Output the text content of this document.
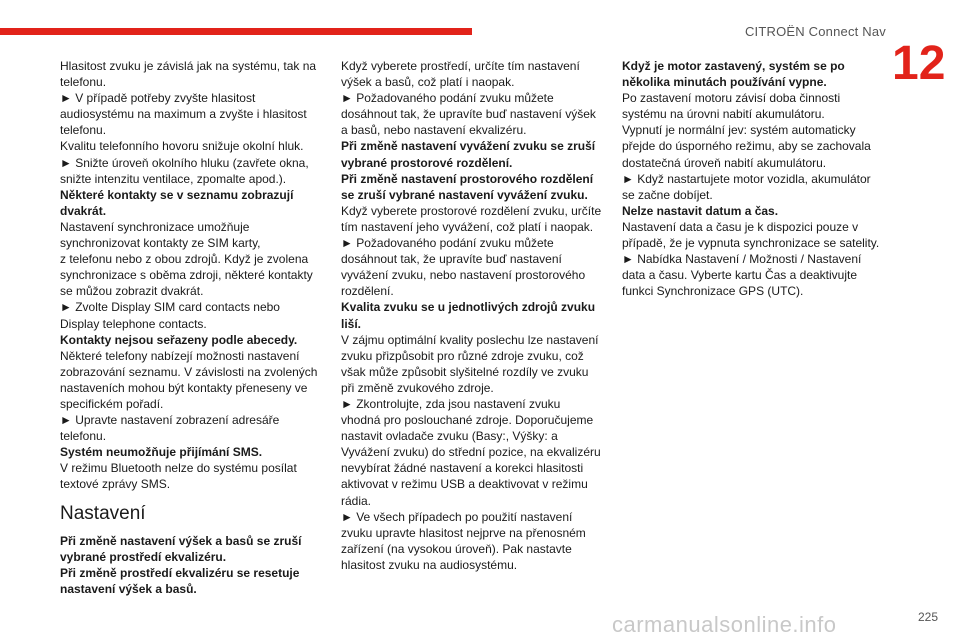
CITROËN Connect Nav
12

Hlasitost zvuku je závislá jak na systému, tak na telefonu.

► V případě potřeby zvyšte hlasitost audiosystému na maximum a zvyšte i hlasitost telefonu.

Kvalitu telefonního hovoru snižuje okolní hluk.

► Snižte úroveň okolního hluku (zavřete okna, snižte intenzitu ventilace, zpomalte apod.).

Některé kontakty se v seznamu zobrazují dvakrát.

Nastavení synchronizace umožňuje synchronizovat kontakty ze SIM karty,

z telefonu nebo z obou zdrojů. Když je zvolena synchronizace s oběma zdroji, některé kontakty se můžou zobrazit dvakrát.

► Zvolte Display SIM card contacts nebo Display telephone contacts.

Kontakty nejsou seřazeny podle abecedy.

Některé telefony nabízejí možnosti nastavení zobrazování seznamu. V závislosti na zvolených nastaveních mohou být kontakty přeneseny ve specifickém pořadí.

► Upravte nastavení zobrazení adresáře telefonu.

Systém neumožňuje přijímání SMS.

V režimu Bluetooth nelze do systému posílat textové zprávy SMS.

Nastavení

Při změně nastavení výšek a basů se zruší vybrané prostředí ekvalizéru.

Při změně prostředí ekvalizéru se resetuje nastavení výšek a basů.

Když vyberete prostředí, určíte tím nastavení výšek a basů, což platí i naopak.

► Požadovaného podání zvuku můžete dosáhnout tak, že upravíte buď nastavení výšek a basů, nebo nastavení ekvalizéru.

Při změně nastavení vyvážení zvuku se zruší vybrané prostorové rozdělení.

Při změně nastavení prostorového rozdělení se zruší vybrané nastavení vyvážení zvuku.

Když vyberete prostorové rozdělení zvuku, určíte tím nastavení jeho vyvážení, což platí i naopak.

► Požadovaného podání zvuku můžete dosáhnout tak, že upravíte buď nastavení vyvážení zvuku, nebo nastavení prostorového rozdělení.

Kvalita zvuku se u jednotlivých zdrojů zvuku liší.

V zájmu optimální kvality poslechu lze nastavení zvuku přizpůsobit pro různé zdroje zvuku, což však může způsobit slyšitelné rozdíly ve zvuku při změně zvukového zdroje.

► Zkontrolujte, zda jsou nastavení zvuku vhodná pro poslouchané zdroje. Doporučujeme nastavit ovladače zvuku (Basy:, Výšky: a Vyvážení zvuku) do střední pozice, na ekvalizéru nevybírat žádné nastavení a korekci hlasitosti aktivovat v režimu USB a deaktivovat v režimu rádia.

► Ve všech případech po použití nastavení zvuku upravte hlasitost nejprve na přenosném zařízení (na vysokou úroveň). Pak nastavte hlasitost zvuku na audiosystému.

Když je motor zastavený, systém se po několika minutách používání vypne.

Po zastavení motoru závisí doba činnosti systému na úrovni nabití akumulátoru.

Vypnutí je normální jev: systém automaticky přejde do úsporného režimu, aby se zachovala dostatečná úroveň nabití akumulátoru.

► Když nastartujete motor vozidla, akumulátor se začne dobíjet.

Nelze nastavit datum a čas.

Nastavení data a času je k dispozici pouze v případě, že je vypnuta synchronizace se satelity.

► Nabídka Nastavení / Možnosti / Nastavení data a času. Vyberte kartu Čas a deaktivujte funkci Synchronizace GPS (UTC).

carmanualsonline.info	225
